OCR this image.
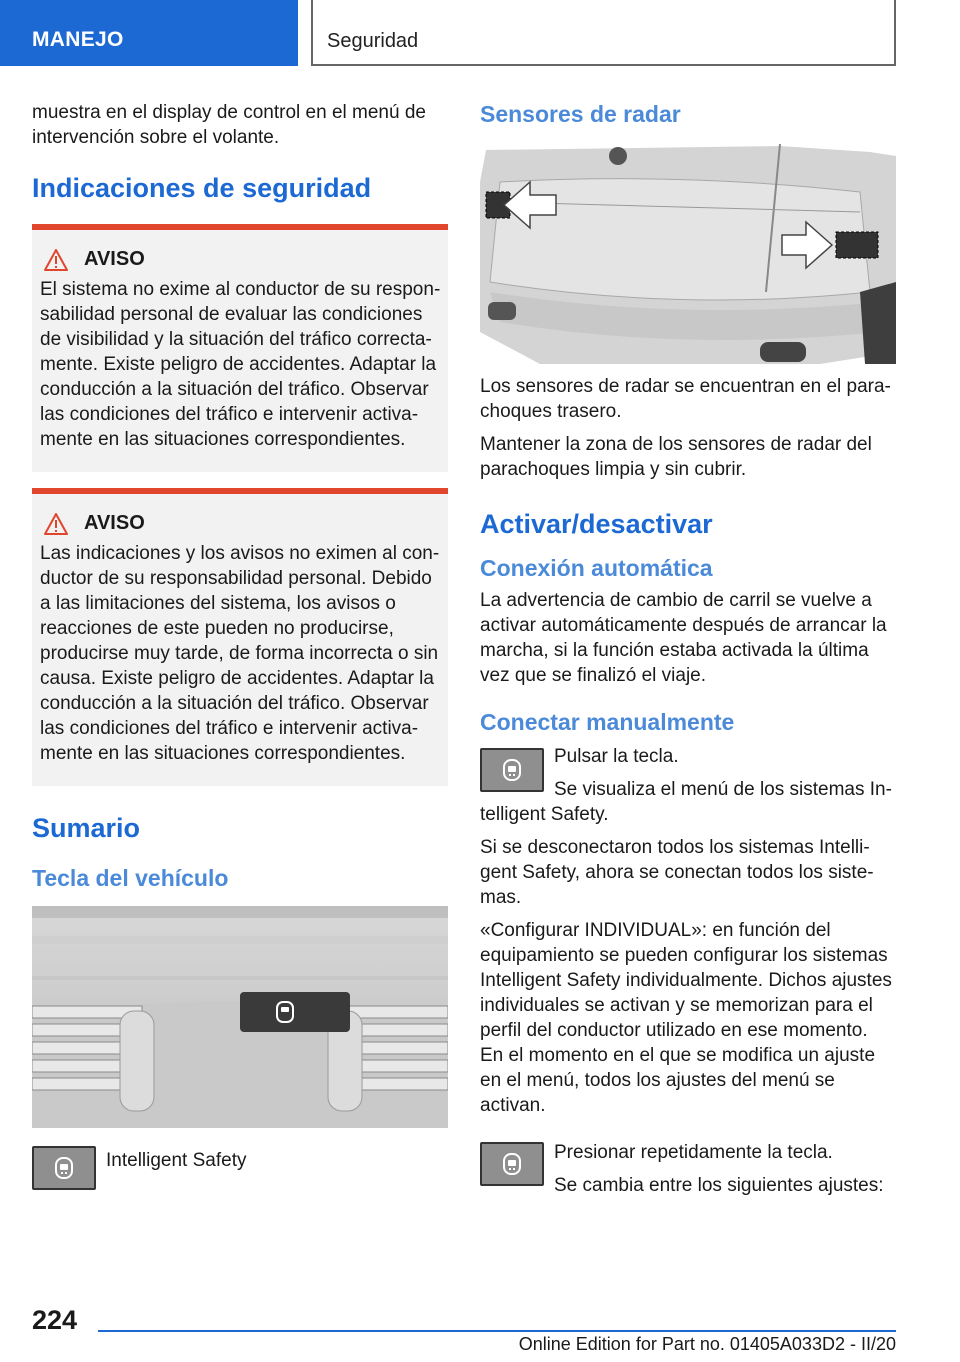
MANEJO	Seguridad

muestra en el display de control en el menú de intervención sobre el volante.

Indicaciones de seguridad
AVISO

El sistema no exime al conductor de su responsabilidad personal de evaluar las condiciones de visibilidad y la situación del tráfico correctamente. Existe peligro de accidentes. Adaptar la conducción a la situación del tráfico. Observar las condiciones del tráfico e intervenir activamente en las situaciones correspondientes.

AVISO

Las indicaciones y los avisos no eximen al conductor de su responsabilidad personal. Debido a las limitaciones del sistema, los avisos o reacciones de este pueden no producirse, producirse muy tarde, de forma incorrecta o sin causa. Existe peligro de accidentes. Adaptar la conducción a la situación del tráfico. Observar las condiciones del tráfico e intervenir activamente en las situaciones correspondientes.

Sumario
Tecla del vehículo

Intelligent Safety

Sensores de radar

Los sensores de radar se encuentran en el parachoques trasero.

Mantener la zona de los sensores de radar del parachoques limpia y sin cubrir.

Activar/desactivar
Conexión automática

La advertencia de cambio de carril se vuelve a activar automáticamente después de arrancar la marcha, si la función estaba activada la última vez que se finalizó el viaje.

Conectar manualmente

Pulsar la tecla.

Se visualiza el menú de los sistemas Intelligent Safety.

Si se desconectaron todos los sistemas Intelligent Safety, ahora se conectan todos los sistemas.

«Configurar INDIVIDUAL»: en función del equipamiento se pueden configurar los sistemas Intelligent Safety individualmente. Dichos ajustes individuales se activan y se memorizan para el perfil del conductor utilizado en ese momento. En el momento en el que se modifica un ajuste en el menú, todos los ajustes del menú se activan.

Presionar repetidamente la tecla.

Se cambia entre los siguientes ajustes:

224
Online Edition for Part no. 01405A033D2 - II/20
